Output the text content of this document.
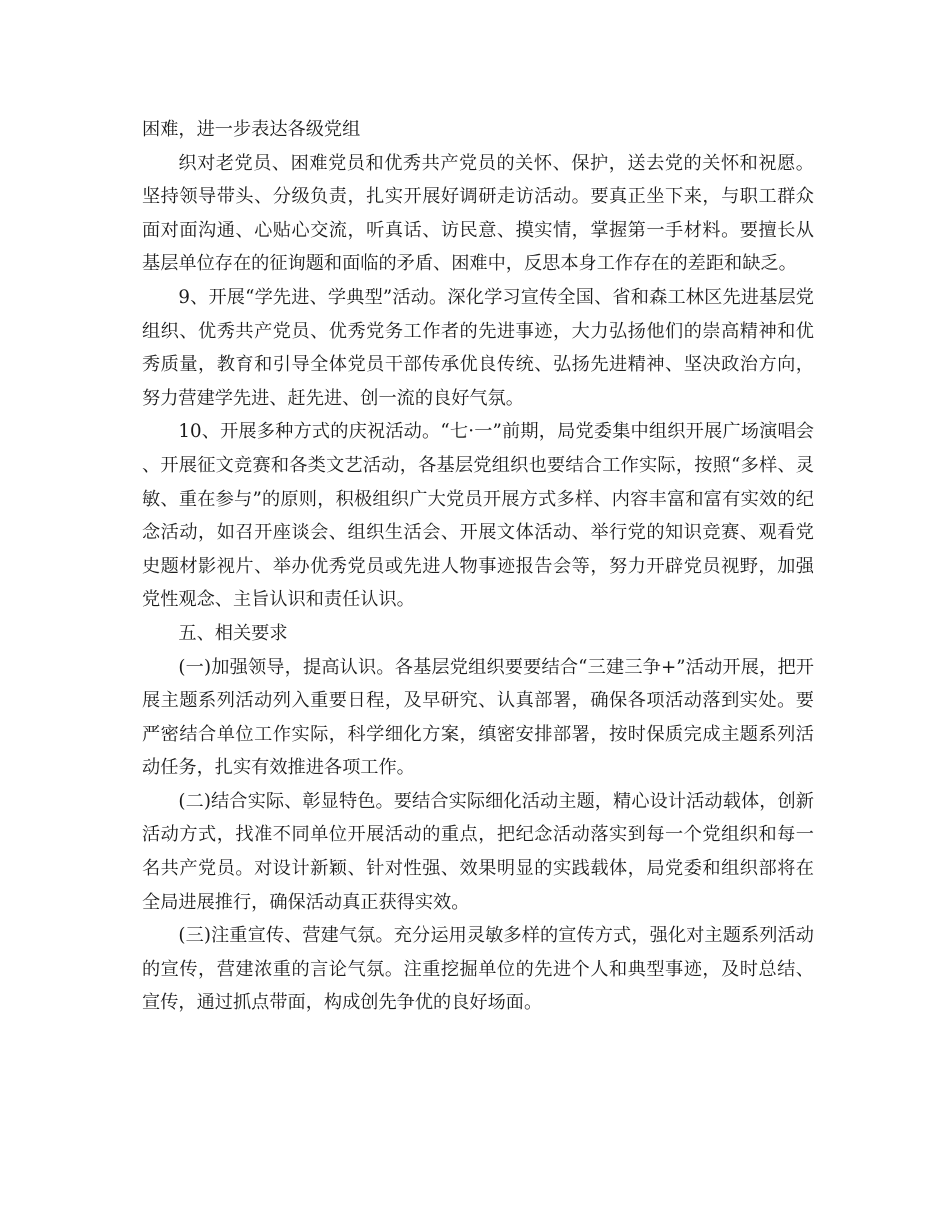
困难，进一步表达各级党组

织对老党员、困难党员和优秀共产党员的关怀、保护，送去党的关怀和祝愿。坚持领导带头、分级负责，扎实开展好调研走访活动。要真正坐下来，与职工群众面对面沟通、心贴心交流，听真话、访民意、摸实情，掌握第一手材料。要擅长从基层单位存在的征询题和面临的矛盾、困难中，反思本身工作存在的差距和缺乏。

9、开展“学先进、学典型”活动。深化学习宣传全国、省和森工林区先进基层党组织、优秀共产党员、优秀党务工作者的先进事迹，大力弘扬他们的崇高精神和优秀质量，教育和引导全体党员干部传承优良传统、弘扬先进精神、坚决政治方向，努力营建学先进、赶先进、创一流的良好气氛。

10、开展多种方式的庆祝活动。“七·一”前期，局党委集中组织开展广场演唱会、开展征文竞赛和各类文艺活动，各基层党组织也要结合工作实际，按照“多样、灵敏、重在参与”的原则，积极组织广大党员开展方式多样、内容丰富和富有实效的纪念活动，如召开座谈会、组织生活会、开展文体活动、举行党的知识竞赛、观看党史题材影视片、举办优秀党员或先进人物事迹报告会等，努力开辟党员视野，加强党性观念、主旨认识和责任认识。

五、相关要求

(一)加强领导，提高认识。各基层党组织要要结合“三建三争+”活动开展，把开展主题系列活动列入重要日程，及早研究、认真部署，确保各项活动落到实处。要严密结合单位工作实际，科学细化方案，缜密安排部署，按时保质完成主题系列活动任务，扎实有效推进各项工作。

(二)结合实际、彰显特色。要结合实际细化活动主题，精心设计活动载体，创新活动方式，找准不同单位开展活动的重点，把纪念活动落实到每一个党组织和每一名共产党员。对设计新颖、针对性强、效果明显的实践载体，局党委和组织部将在全局进展推行，确保活动真正获得实效。

(三)注重宣传、营建气氛。充分运用灵敏多样的宣传方式，强化对主题系列活动的宣传，营建浓重的言论气氛。注重挖掘单位的先进个人和典型事迹，及时总结、宣传，通过抓点带面，构成创先争优的良好场面。
